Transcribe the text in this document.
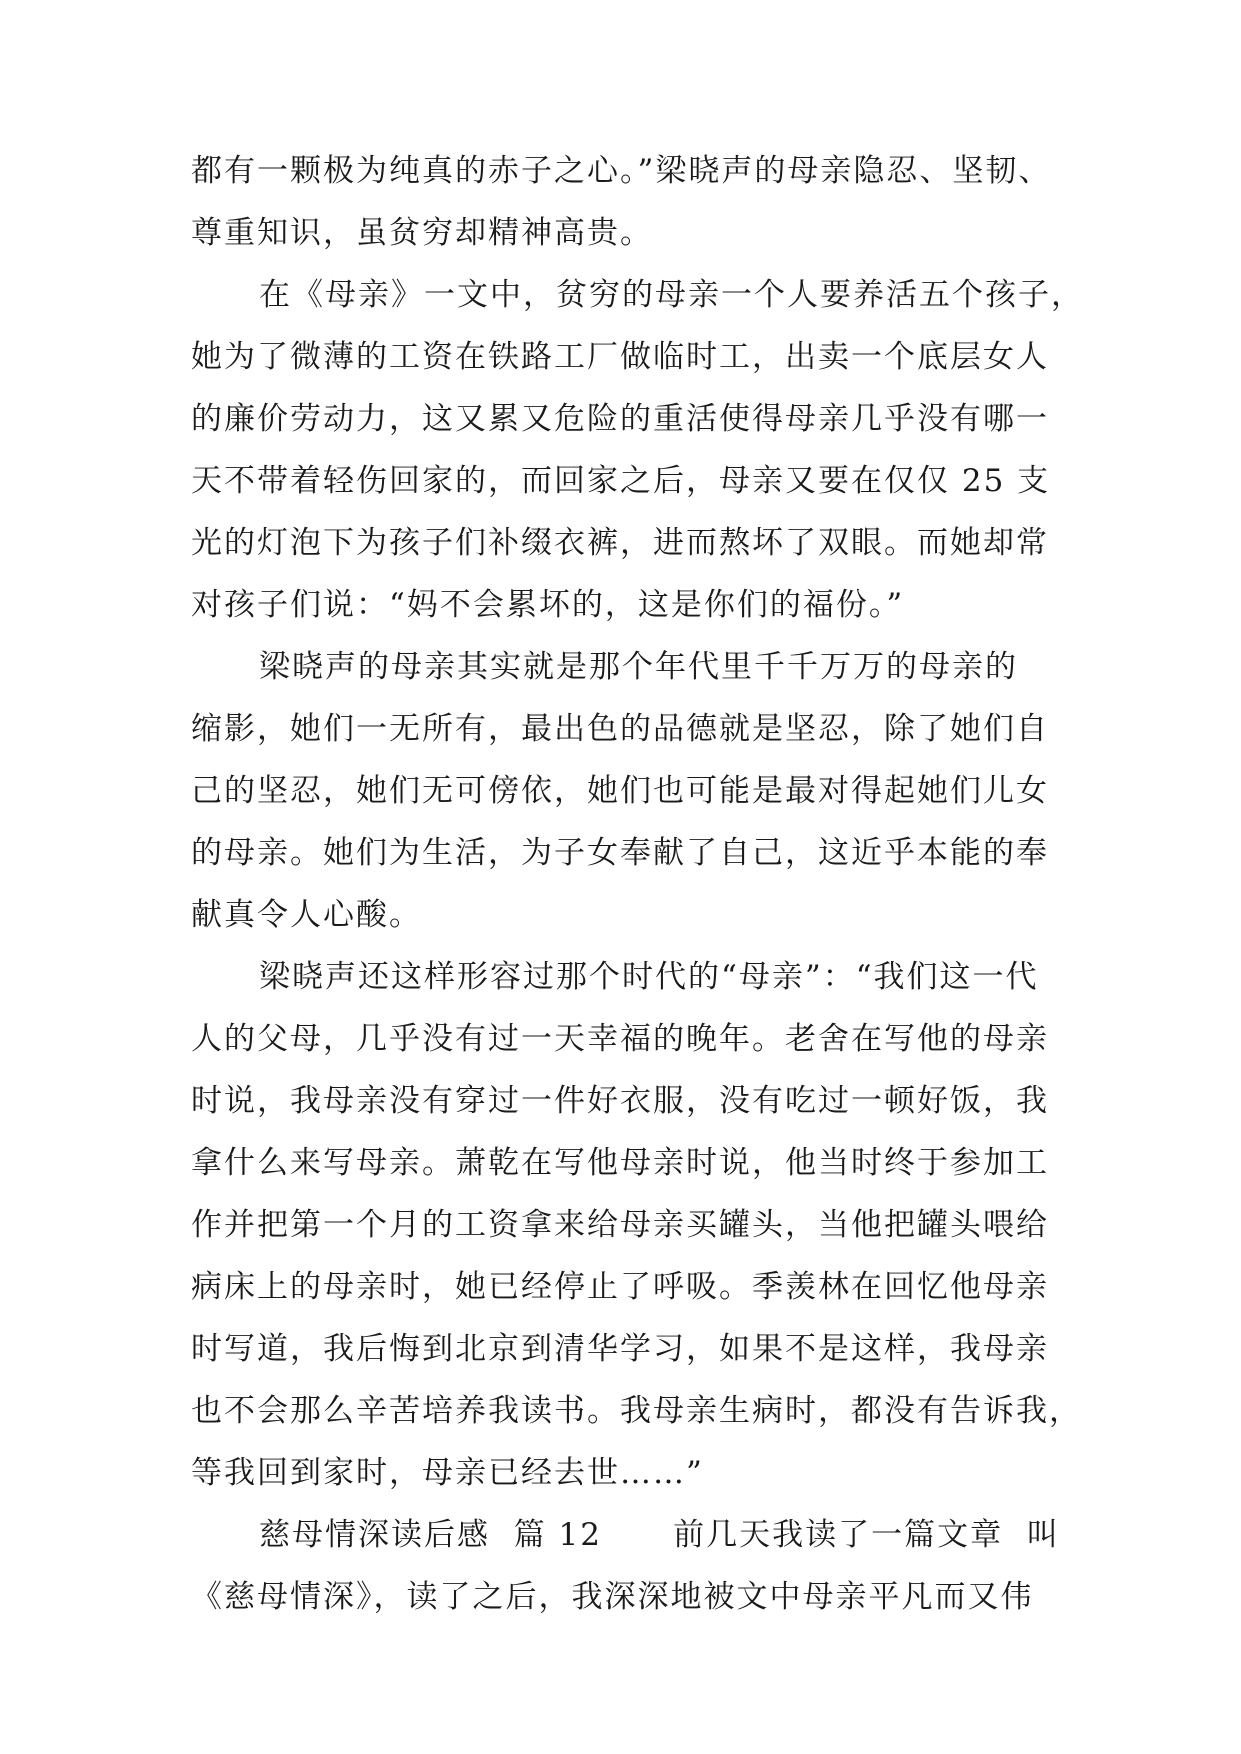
都有一颗极为纯真的赤子之心。”梁晓声的母亲隐忍、坚韧、
尊重知识，虽贫穷却精神高贵。
在《母亲》一文中，贫穷的母亲一个人要养活五个孩子，
她为了微薄的工资在铁路工厂做临时工，出卖一个底层女人
的廉价劳动力，这又累又危险的重活使得母亲几乎没有哪一
天不带着轻伤回家的，而回家之后，母亲又要在仅仅 25 支
光的灯泡下为孩子们补缀衣裤，进而熬坏了双眼。而她却常
对孩子们说：“妈不会累坏的，这是你们的福份。”
梁晓声的母亲其实就是那个年代里千千万万的母亲的
缩影，她们一无所有，最出色的品德就是坚忍，除了她们自
己的坚忍，她们无可傍依，她们也可能是最对得起她们儿女
的母亲。她们为生活，为子女奉献了自己，这近乎本能的奉
献真令人心酸。
梁晓声还这样形容过那个时代的“母亲”：“我们这一代
人的父母，几乎没有过一天幸福的晚年。老舍在写他的母亲
时说，我母亲没有穿过一件好衣服，没有吃过一顿好饭，我
拿什么来写母亲。萧乾在写他母亲时说，他当时终于参加工
作并把第一个月的工资拿来给母亲买罐头，当他把罐头喂给
病床上的母亲时，她已经停止了呼吸。季羡林在回忆他母亲
时写道，我后悔到北京到清华学习，如果不是这样，我母亲
也不会那么辛苦培养我读书。我母亲生病时，都没有告诉我，
等我回到家时，母亲已经去世……”
慈母情深读后感  篇 12      前几天我读了一篇文章  叫
《慈母情深》，读了之后，我深深地被文中母亲平凡而又伟
